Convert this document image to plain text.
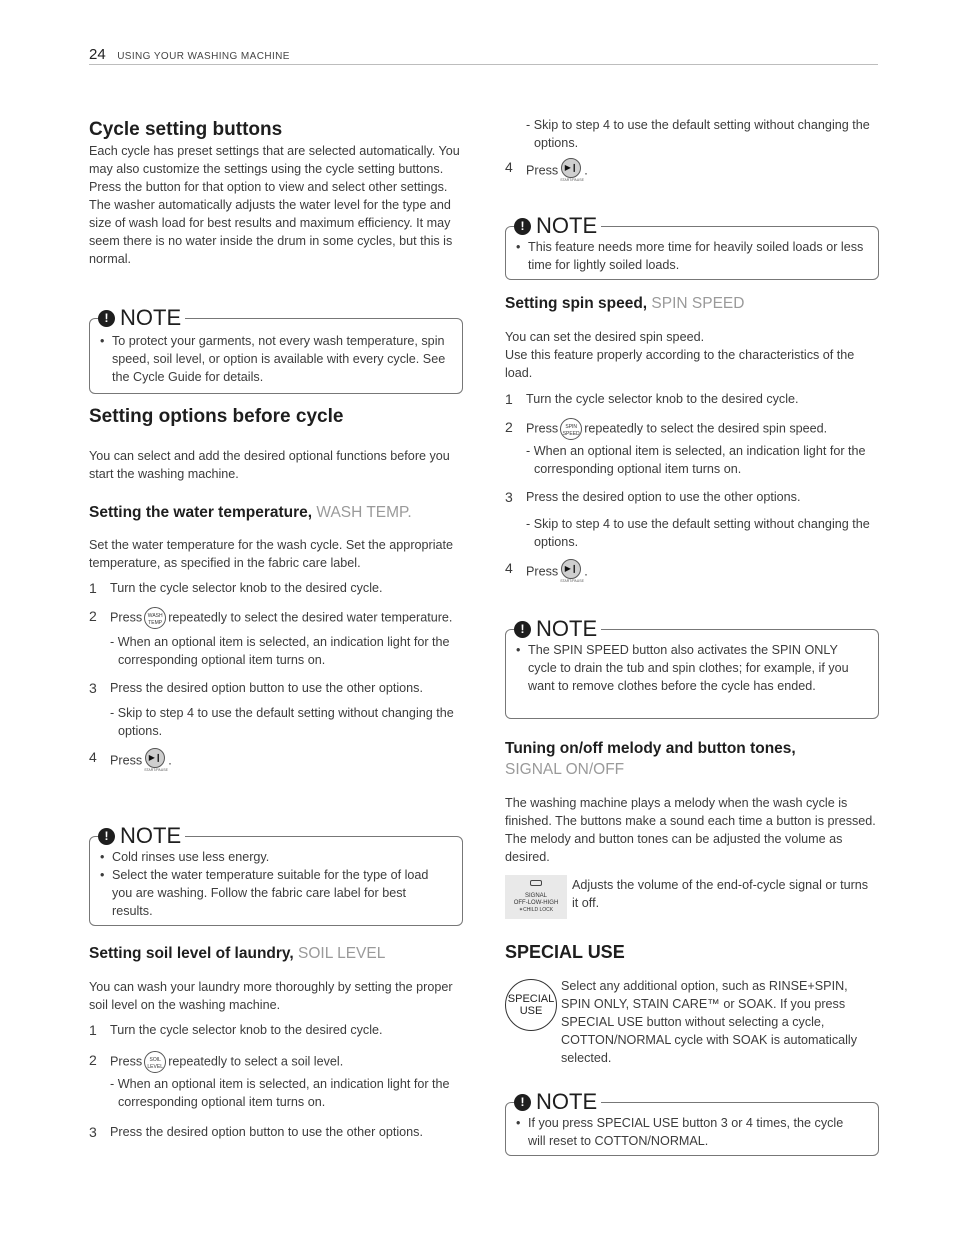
24 USING YOUR WASHING MACHINE
Cycle setting buttons

Each cycle has preset settings that are selected automatically. You may also customize the settings using the cycle setting buttons. Press the button for that option to view and select other settings.

The washer automatically adjusts the water level for the type and size of wash load for best results and maximum efficiency. It may seem there is no water inside the drum in some cycles, but this is normal.

! NOTE
• To protect your garments, not every wash temperature, spin speed, soil level, or option is available with every cycle. See the Cycle Guide for details.
Setting options before cycle

You can select and add the desired optional functions before you start the washing machine.

Setting the water temperature, WASH TEMP.

Set the water temperature for the wash cycle. Set the appropriate temperature, as specified in the fabric care label.

1 Turn the cycle selector knob to the desired cycle.
2 Press WASH TEMP repeatedly to select the desired water temperature.

- When an optional item is selected, an indication light for the corresponding optional item turns on.

3 Press the desired option button to use the other options.

- Skip to step 4 to use the default setting without changing the options.

4 Press ▶❙
START/PAUSE
.
! NOTE
• Cold rinses use less energy.
• Select the water temperature suitable for the type of load you are washing. Follow the fabric care label for best results.
Setting soil level of laundry, SOIL LEVEL

You can wash your laundry more thoroughly by setting the proper soil level on the washing machine.

1 Turn the cycle selector knob to the desired cycle.
2 Press SOIL LEVEL repeatedly to select a soil level.

- When an optional item is selected, an indication light for the corresponding optional item turns on.

3 Press the desired option button to use the other options.

- Skip to step 4 to use the default setting without changing the options.

4 Press ▶❙
START/PAUSE
.
! NOTE
• This feature needs more time for heavily soiled loads or less time for lightly soiled loads.
Setting spin speed, SPIN SPEED

You can set the desired spin speed.

Use this feature properly according to the characteristics of the load.

1 Turn the cycle selector knob to the desired cycle.
2 Press SPIN SPEED repeatedly to select the desired spin speed.

- When an optional item is selected, an indication light for the corresponding optional item turns on.

3 Press the desired option to use the other options.

- Skip to step 4 to use the default setting without changing the options.

4 Press ▶❙
START/PAUSE
.
! NOTE
• The SPIN SPEED button also activates the SPIN ONLY cycle to drain the tub and spin clothes; for example, if you want to remove clothes before the cycle has ended.
Tuning on/off melody and button tones,
SIGNAL ON/OFF

The washing machine plays a melody when the wash cycle is finished. The buttons make a sound each time a button is pressed. The melody and button tones can be adjusted the volume as desired.

SIGNAL
OFF-LOW-HIGH
✶CHILD LOCK

Adjusts the volume of the end-of-cycle signal or turns it off.

SPECIAL USE
SPECIAL USE

Select any additional option, such as RINSE+SPIN, SPIN ONLY, STAIN CARE™ or SOAK. If you press SPECIAL USE button without selecting a cycle, COTTON/NORMAL cycle with SOAK is automatically selected.

! NOTE
• If you press SPECIAL USE button 3 or 4 times, the cycle will reset to COTTON/NORMAL.
